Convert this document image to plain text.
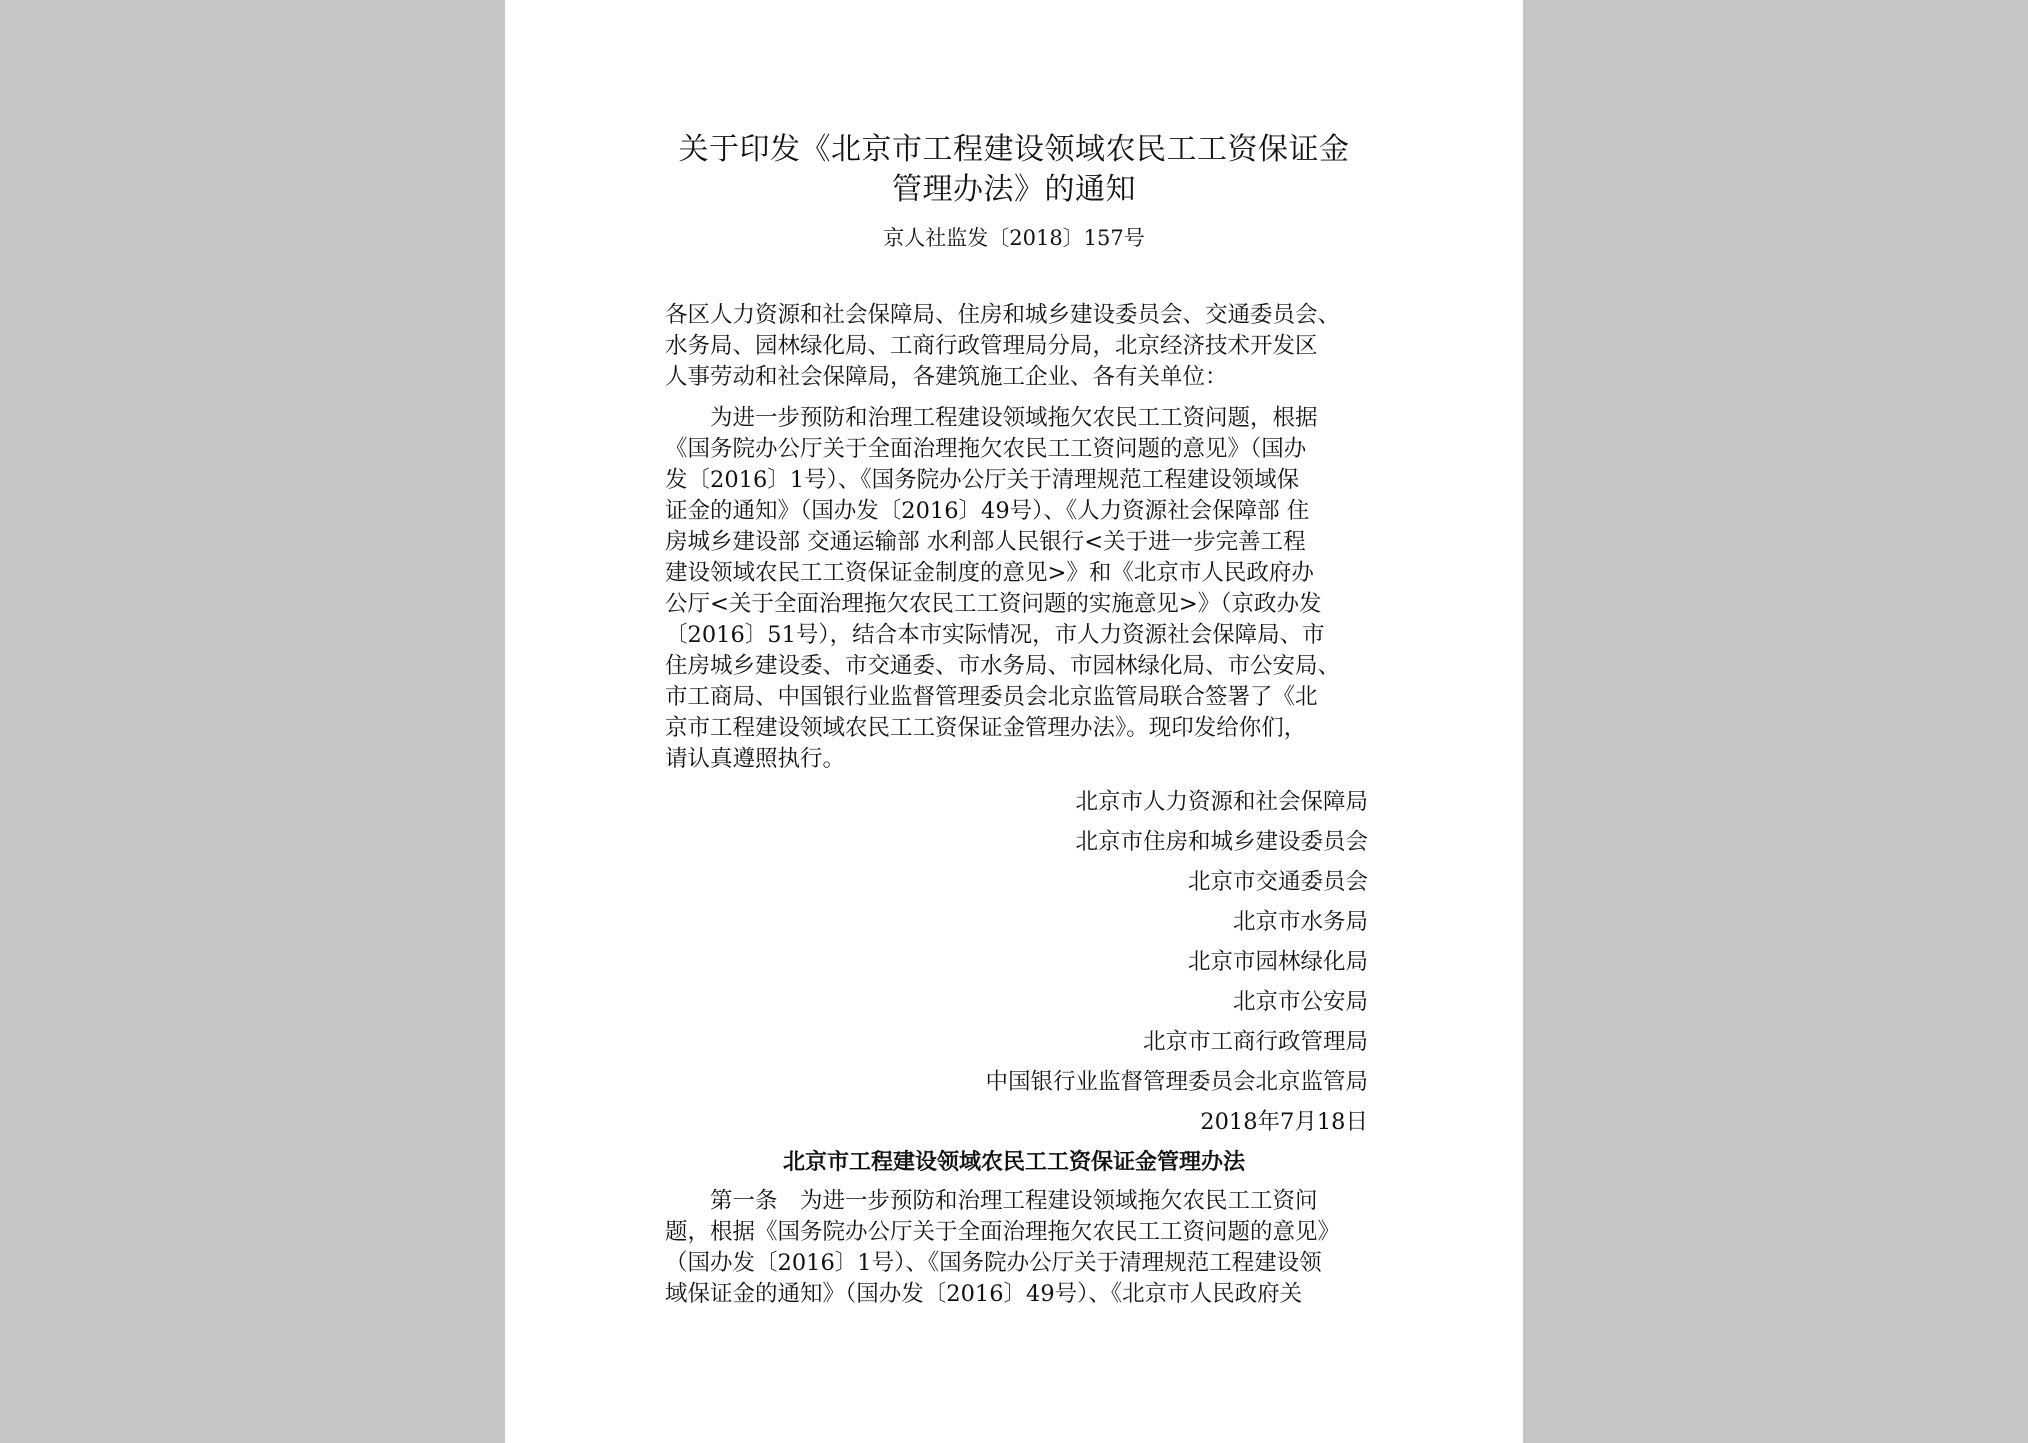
关于印发《北京市工程建设领域农民工工资保证金
管理办法》的通知
京人社监发〔2018〕157号
各区人力资源和社会保障局、住房和城乡建设委员会、交通委员会、
水务局、园林绿化局、工商行政管理局分局，北京经济技术开发区
人事劳动和社会保障局，各建筑施工企业、各有关单位：
为进一步预防和治理工程建设领域拖欠农民工工资问题，根据
《国务院办公厅关于全面治理拖欠农民工工资问题的意见》（国办
发〔2016〕1号）、《国务院办公厅关于清理规范工程建设领域保
证金的通知》（国办发〔2016〕49号）、《人力资源社会保障部 住
房城乡建设部 交通运输部 水利部人民银行<关于进一步完善工程
建设领域农民工工资保证金制度的意见>》和《北京市人民政府办
公厅<关于全面治理拖欠农民工工资问题的实施意见>》（京政办发
〔2016〕51号），结合本市实际情况，市人力资源社会保障局、市
住房城乡建设委、市交通委、市水务局、市园林绿化局、市公安局、
市工商局、中国银行业监督管理委员会北京监管局联合签署了《北
京市工程建设领域农民工工资保证金管理办法》。现印发给你们，
请认真遵照执行。
北京市人力资源和社会保障局
北京市住房和城乡建设委员会
北京市交通委员会
北京市水务局
北京市园林绿化局
北京市公安局
北京市工商行政管理局
中国银行业监督管理委员会北京监管局
2018年7月18日
北京市工程建设领域农民工工资保证金管理办法
第一条　为进一步预防和治理工程建设领域拖欠农民工工资问
题，根据《国务院办公厅关于全面治理拖欠农民工工资问题的意见》
（国办发〔2016〕1号）、《国务院办公厅关于清理规范工程建设领
域保证金的通知》（国办发〔2016〕49号）、《北京市人民政府关
